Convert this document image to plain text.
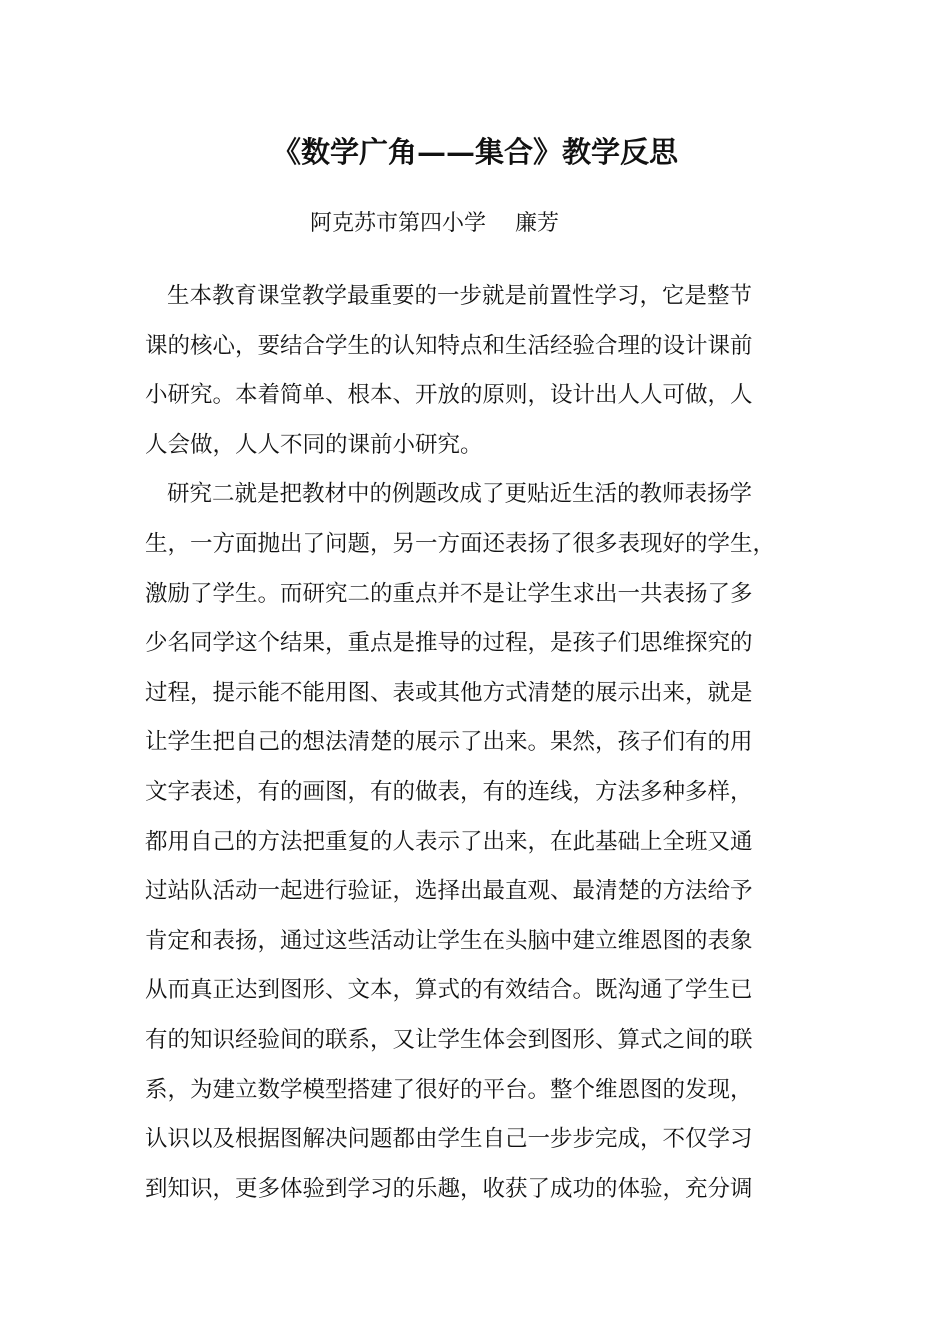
《数学广角——集合》教学反思
阿克苏市第四小学　 廉芳
生本教育课堂教学最重要的一步就是前置性学习，它是整节
课的核心，要结合学生的认知特点和生活经验合理的设计课前
小研究。本着简单、根本、开放的原则，设计出人人可做，人
人会做，人人不同的课前小研究。
研究二就是把教材中的例题改成了更贴近生活的教师表扬学
生，一方面抛出了问题，另一方面还表扬了很多表现好的学生，
激励了学生。而研究二的重点并不是让学生求出一共表扬了多
少名同学这个结果，重点是推导的过程，是孩子们思维探究的
过程，提示能不能用图、表或其他方式清楚的展示出来，就是
让学生把自己的想法清楚的展示了出来。果然，孩子们有的用
文字表述，有的画图，有的做表，有的连线，方法多种多样，
都用自己的方法把重复的人表示了出来，在此基础上全班又通
过站队活动一起进行验证，选择出最直观、最清楚的方法给予
肯定和表扬，通过这些活动让学生在头脑中建立维恩图的表象
从而真正达到图形、文本，算式的有效结合。既沟通了学生已
有的知识经验间的联系，又让学生体会到图形、算式之间的联
系，为建立数学模型搭建了很好的平台。整个维恩图的发现，
认识以及根据图解决问题都由学生自己一步步完成，不仅学习
到知识，更多体验到学习的乐趣，收获了成功的体验，充分调
